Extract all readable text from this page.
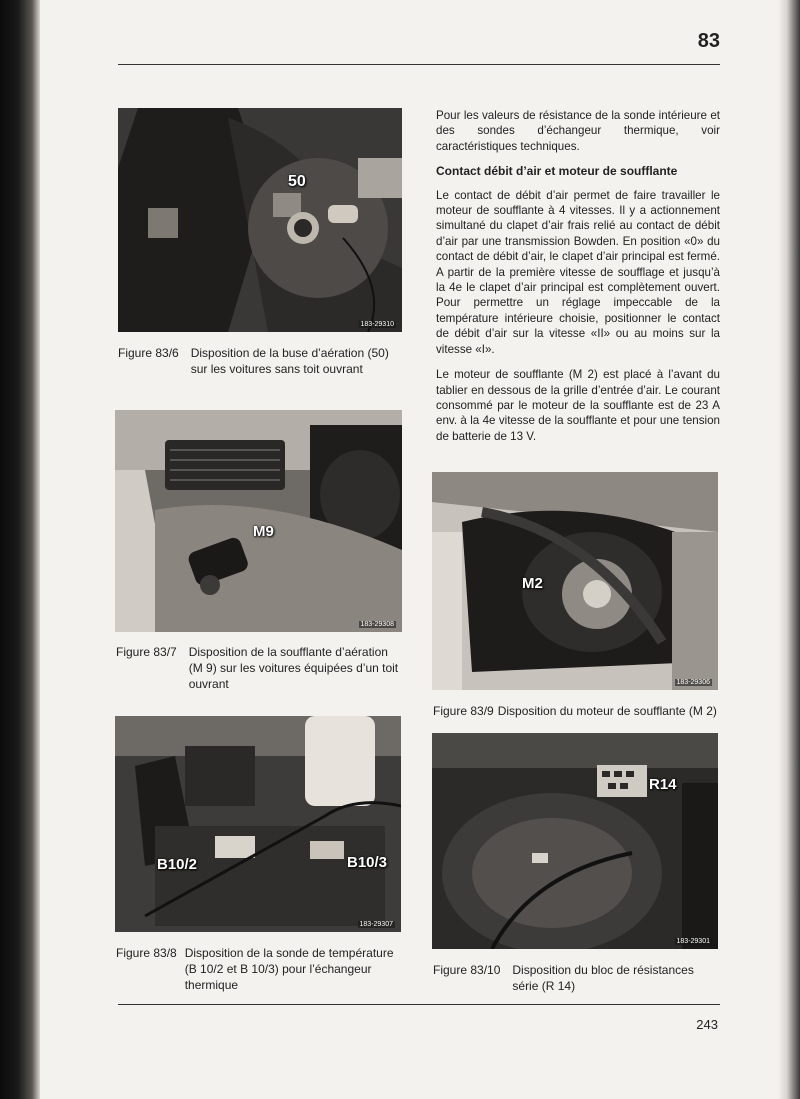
83
50
183-29310
Figure 83/6	Disposition de la buse d’aération (50) sur les voitures sans toit ouvrant
M9
183-29308
Figure 83/7	Disposition de la soufflante d’aération (M 9) sur les voitures équipées d’un toit ouvrant
B10/2	B10/3
183-29307
Figure 83/8 Disposition de la sonde de température (B 10/2 et B 10/3) pour l’échangeur thermique

Pour les valeurs de résistance de la sonde intérieure et des sondes d’échangeur thermique, voir caractéristiques techniques.

Contact débit d’air et moteur de soufflante

Le contact de débit d’air permet de faire travailler le moteur de soufflante à 4 vitesses. Il y a actionnement simultané du clapet d’air frais relié au contact de débit d’air par une transmission Bowden. En position «0» du contact de débit d’air, le clapet d’air principal est fermé. A partir de la première vitesse de soufflage et jusqu’à la 4e le clapet d’air principal est complètement ouvert. Pour permettre un réglage impeccable de la température intérieure choisie, positionner le contact de débit d’air sur la vitesse «II» ou au moins sur la vitesse «I».

Le moteur de soufflante (M 2) est placé à l’avant du tablier en dessous de la grille d’entrée d’air. Le courant consommé par le moteur de la soufflante est de 23 A env. à la 4e vitesse de la soufflante et pour une tension de batterie de 13 V.

M2
183-29306
Figure 83/9 Disposition du moteur de soufflante (M 2)
R14
183-29301
Figure 83/10	Disposition du bloc de résistances série (R 14)
243
